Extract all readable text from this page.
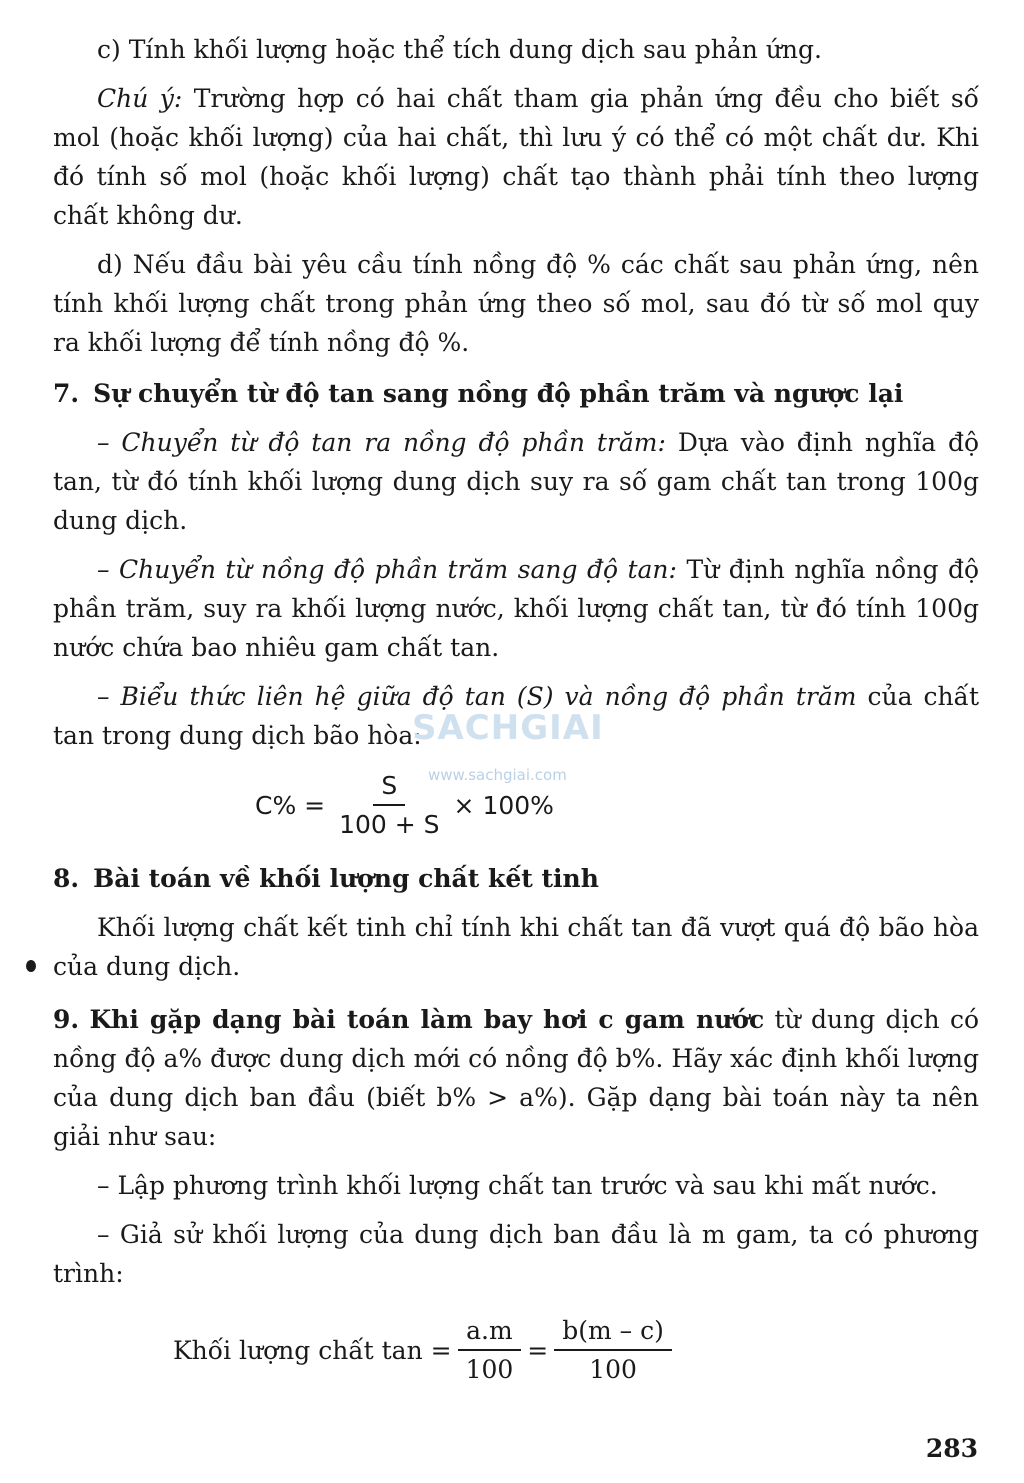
c) Tính khối lượng hoặc thể tích dung dịch sau phản ứng.

Chú ý: Trường hợp có hai chất tham gia phản ứng đều cho biết số mol (hoặc khối lượng) của hai chất, thì lưu ý có thể có một chất dư. Khi đó tính số mol (hoặc khối lượng) chất tạo thành phải tính theo lượng chất không dư.

d) Nếu đầu bài yêu cầu tính nồng độ % các chất sau phản ứng, nên tính khối lượng chất trong phản ứng theo số mol, sau đó từ số mol quy ra khối lượng để tính nồng độ %.

7. Sự chuyển từ độ tan sang nồng độ phần trăm và ngược lại

– Chuyển từ độ tan ra nồng độ phần trăm: Dựa vào định nghĩa độ tan, từ đó tính khối lượng dung dịch suy ra số gam chất tan trong 100g dung dịch.

– Chuyển từ nồng độ phần trăm sang độ tan: Từ định nghĩa nồng độ phần trăm, suy ra khối lượng nước, khối lượng chất tan, từ đó tính 100g nước chứa bao nhiêu gam chất tan.

– Biểu thức liên hệ giữa độ tan (S) và nồng độ phần trăm của chất tan trong dung dịch bão hòa:

$C\% = \frac{S}{100 + S} \times 100\%$
8. Bài toán về khối lượng chất kết tinh

Khối lượng chất kết tinh chỉ tính khi chất tan đã vượt quá độ bão hòa của dung dịch.

9. Khi gặp dạng bài toán làm bay hơi c gam nước từ dung dịch có nồng độ a% được dung dịch mới có nồng độ b%. Hãy xác định khối lượng của dung dịch ban đầu (biết b% > a%). Gặp dạng bài toán này ta nên giải như sau:

– Lập phương trình khối lượng chất tan trước và sau khi mất nước.

– Giả sử khối lượng của dung dịch ban đầu là m gam, ta có phương trình:

Khối lượng chất $\tan = \frac{a.m}{100} = \frac{b(m - c)}{100}$
SACHGIAI
www.sachgiai.com
283
